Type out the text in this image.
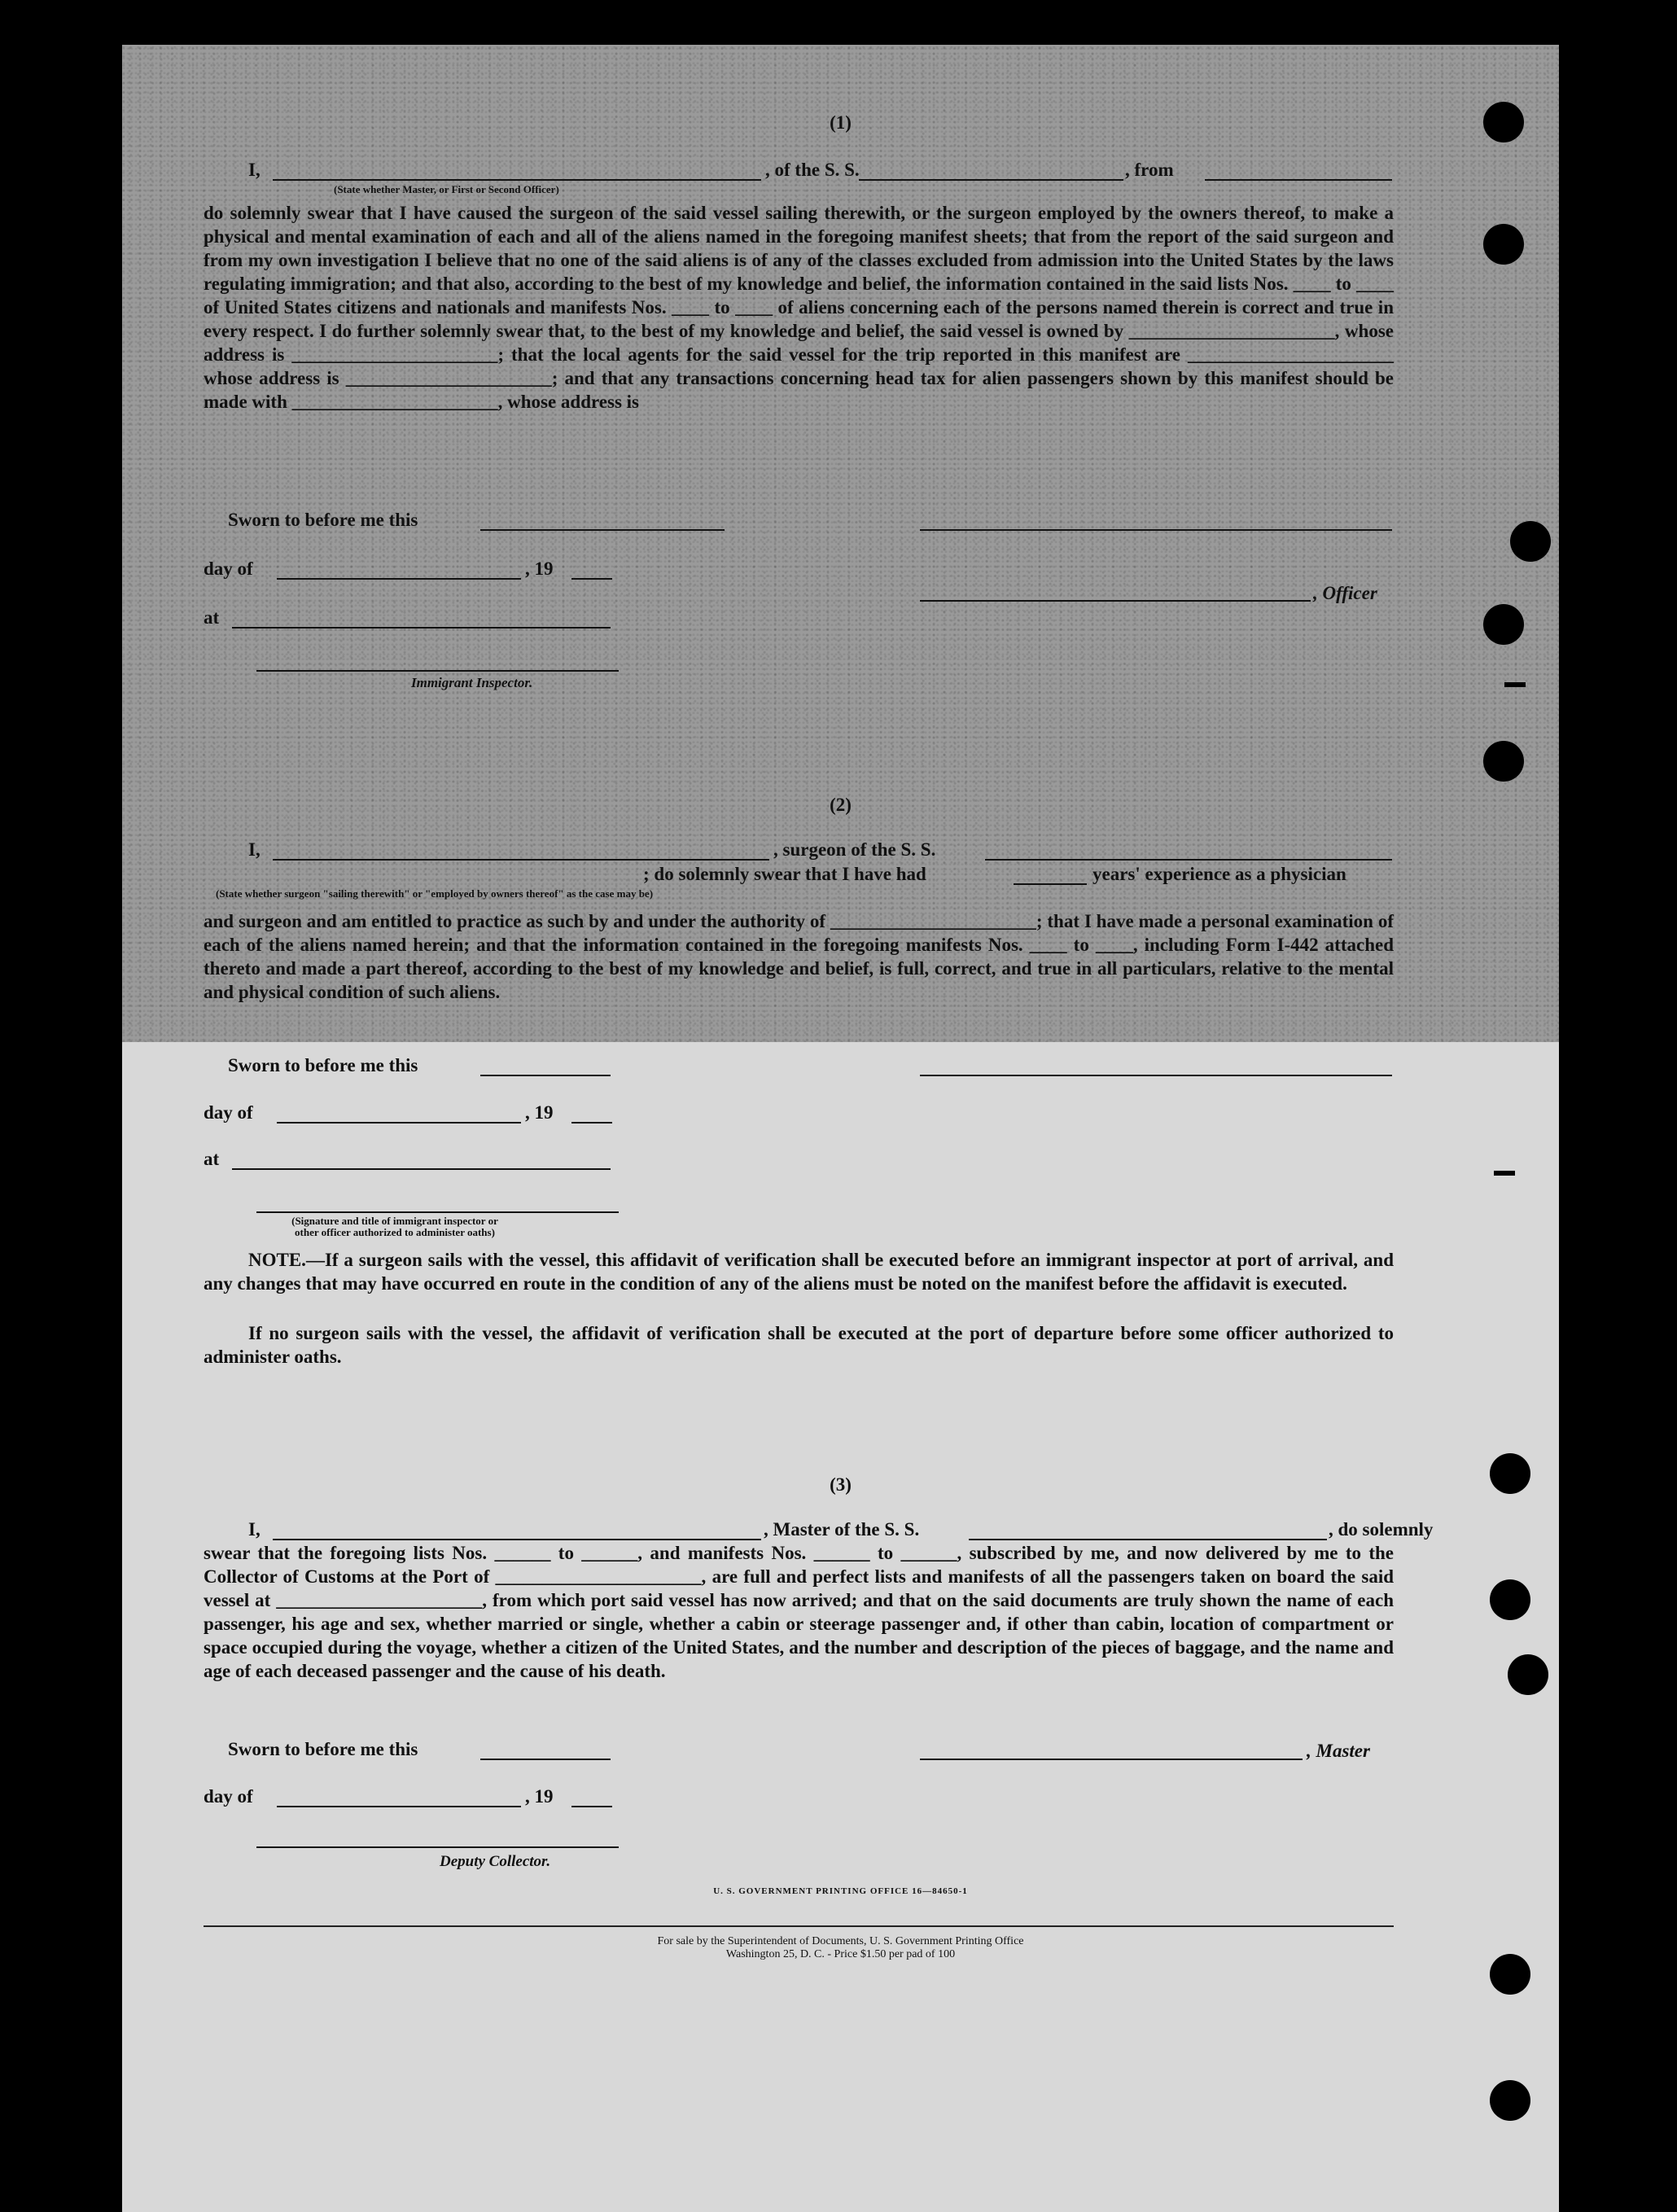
(1)
I,	, of the S. S.	, from
(State whether Master, or First or Second Officer)
do solemnly swear that I have caused the surgeon of the said vessel sailing therewith, or the surgeon employed by the owners thereof, to make a physical and mental examination of each and all of the aliens named in the foregoing manifest sheets; that from the report of the said surgeon and from my own investigation I believe that no one of the said aliens is of any of the classes excluded from admission into the United States by the laws regulating immigration; and that also, according to the best of my knowledge and belief, the information contained in the said lists Nos. ____ to ____ of United States citizens and nationals and manifests Nos. ____ to ____ of aliens concerning each of the persons named therein is correct and true in every respect. I do further solemnly swear that, to the best of my knowledge and belief, the said vessel is owned by ______________________, whose address is ______________________; that the local agents for the said vessel for the trip reported in this manifest are ______________________ whose address is ______________________; and that any transactions concerning head tax for alien passengers shown by this manifest should be made with ______________________, whose address is
Sworn to before me this
day of	, 19
, Officer
at
Immigrant Inspector.
(2)
I,	, surgeon of the S. S.
(State whether surgeon "sailing therewith" or "employed by owners thereof" as the case may be)
; do solemnly swear that I have had	years' experience as a physician
and surgeon and am entitled to practice as such by and under the authority of ______________________; that I have made a personal examination of each of the aliens named herein; and that the information contained in the foregoing manifests Nos. ____ to ____, including Form I-442 attached thereto and made a part thereof, according to the best of my knowledge and belief, is full, correct, and true in all particulars, relative to the mental and physical condition of such aliens.
Sworn to before me this
day of	, 19
at
(Signature and title of immigrant inspector or other officer authorized to administer oaths)
NOTE.—If a surgeon sails with the vessel, this affidavit of verification shall be executed before an immigrant inspector at port of arrival, and any changes that may have occurred en route in the condition of any of the aliens must be noted on the manifest before the affidavit is executed.
If no surgeon sails with the vessel, the affidavit of verification shall be executed at the port of departure before some officer authorized to administer oaths.
(3)
I,	, Master of the S. S.	, do solemnly
swear that the foregoing lists Nos. ______ to ______, and manifests Nos. ______ to ______, subscribed by me, and now delivered by me to the Collector of Customs at the Port of ______________________, are full and perfect lists and manifests of all the passengers taken on board the said vessel at ______________________, from which port said vessel has now arrived; and that on the said documents are truly shown the name of each passenger, his age and sex, whether married or single, whether a cabin or steerage passenger and, if other than cabin, location of compartment or space occupied during the voyage, whether a citizen of the United States, and the number and description of the pieces of baggage, and the name and age of each deceased passenger and the cause of his death.
Sworn to before me this	, Master
day of	, 19
Deputy Collector.
U. S. GOVERNMENT PRINTING OFFICE 16—84650-1
For sale by the Superintendent of Documents, U. S. Government Printing Office
Washington 25, D. C. - Price $1.50 per pad of 100
